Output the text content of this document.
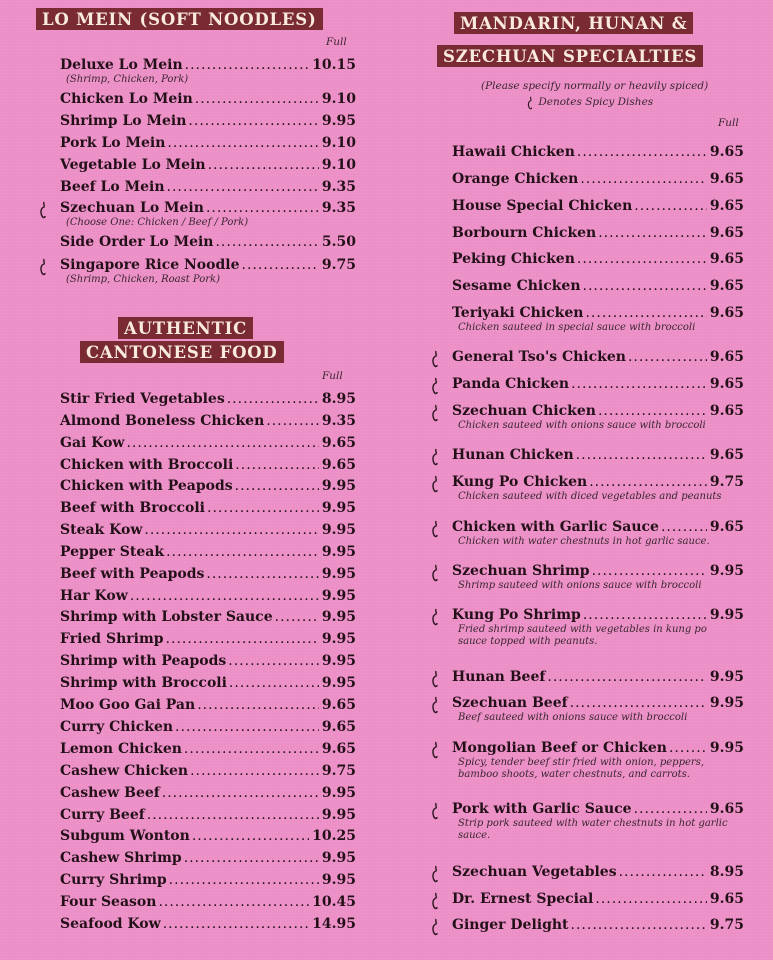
LO MEIN (SOFT NOODLES)
Full
Deluxe Lo Mein .....	10.15
(Shrimp, Chicken, Pork)
Chicken Lo Mein .....	9.10
Shrimp Lo Mein .....	9.95
Pork Lo Mein .....	9.10
Vegetable Lo Mein .....	9.10
Beef Lo Mein .....	9.35
Szechuan Lo Mein .....	9.35
(Choose One: Chicken / Beef / Pork)
Side Order Lo Mein .....	5.50
Singapore Rice Noodle .....	9.75
(Shrimp, Chicken, Roast Pork)
AUTHENTIC
CANTONESE FOOD
Full
Stir Fried Vegetables .....	8.95
Almond Boneless Chicken .....	9.35
Gai Kow .....	9.65
Chicken with Broccoli .....	9.65
Chicken with Peapods .....	9.95
Beef with Broccoli .....	9.95
Steak Kow .....	9.95
Pepper Steak .....	9.95
Beef with Peapods .....	9.95
Har Kow .....	9.95
Shrimp with Lobster Sauce .....	9.95
Fried Shrimp .....	9.95
Shrimp with Peapods .....	9.95
Shrimp with Broccoli .....	9.95
Moo Goo Gai Pan .....	9.65
Curry Chicken .....	9.65
Lemon Chicken .....	9.65
Cashew Chicken .....	9.75
Cashew Beef .....	9.95
Curry Beef .....	9.95
Subgum Wonton .....	10.25
Cashew Shrimp .....	9.95
Curry Shrimp .....	9.95
Four Season .....	10.45
Seafood Kow .....	14.95
MANDARIN, HUNAN &
SZECHUAN SPECIALTIES
(Please specify normally or heavily spiced)
Denotes Spicy Dishes
Full
Hawaii Chicken .....	9.65
Orange Chicken .....	9.65
House Special Chicken .....	9.65
Borbourn Chicken .....	9.65
Peking Chicken .....	9.65
Sesame Chicken .....	9.65
Teriyaki Chicken .....	9.65
Chicken sauteed in special sauce with broccoli
General Tso's Chicken .....	9.65
Panda Chicken .....	9.65
Szechuan Chicken .....	9.65
Chicken sauteed with onions sauce with broccoli
Hunan Chicken .....	9.65
Kung Po Chicken .....	9.75
Chicken sauteed with diced vegetables and peanuts
Chicken with Garlic Sauce .....	9.65
Chicken with water chestnuts in hot garlic sauce.
Szechuan Shrimp .....	9.95
Shrimp sauteed with onions sauce with broccoli
Kung Po Shrimp .....	9.95
Fried shrimp sauteed with vegetables in kung po
sauce topped with peanuts.
Hunan Beef .....	9.95
Szechuan Beef .....	9.95
Beef sauteed with onions sauce with broccoli
Mongolian Beef or Chicken .....	9.95
Spicy, tender beef stir fried with onion, peppers,
bamboo shoots, water chestnuts, and carrots.
Pork with Garlic Sauce .....	9.65
Strip pork sauteed with water chestnuts in hot garlic
sauce.
Szechuan Vegetables .....	8.95
Dr. Ernest Special .....	9.65
Ginger Delight .....	9.75
